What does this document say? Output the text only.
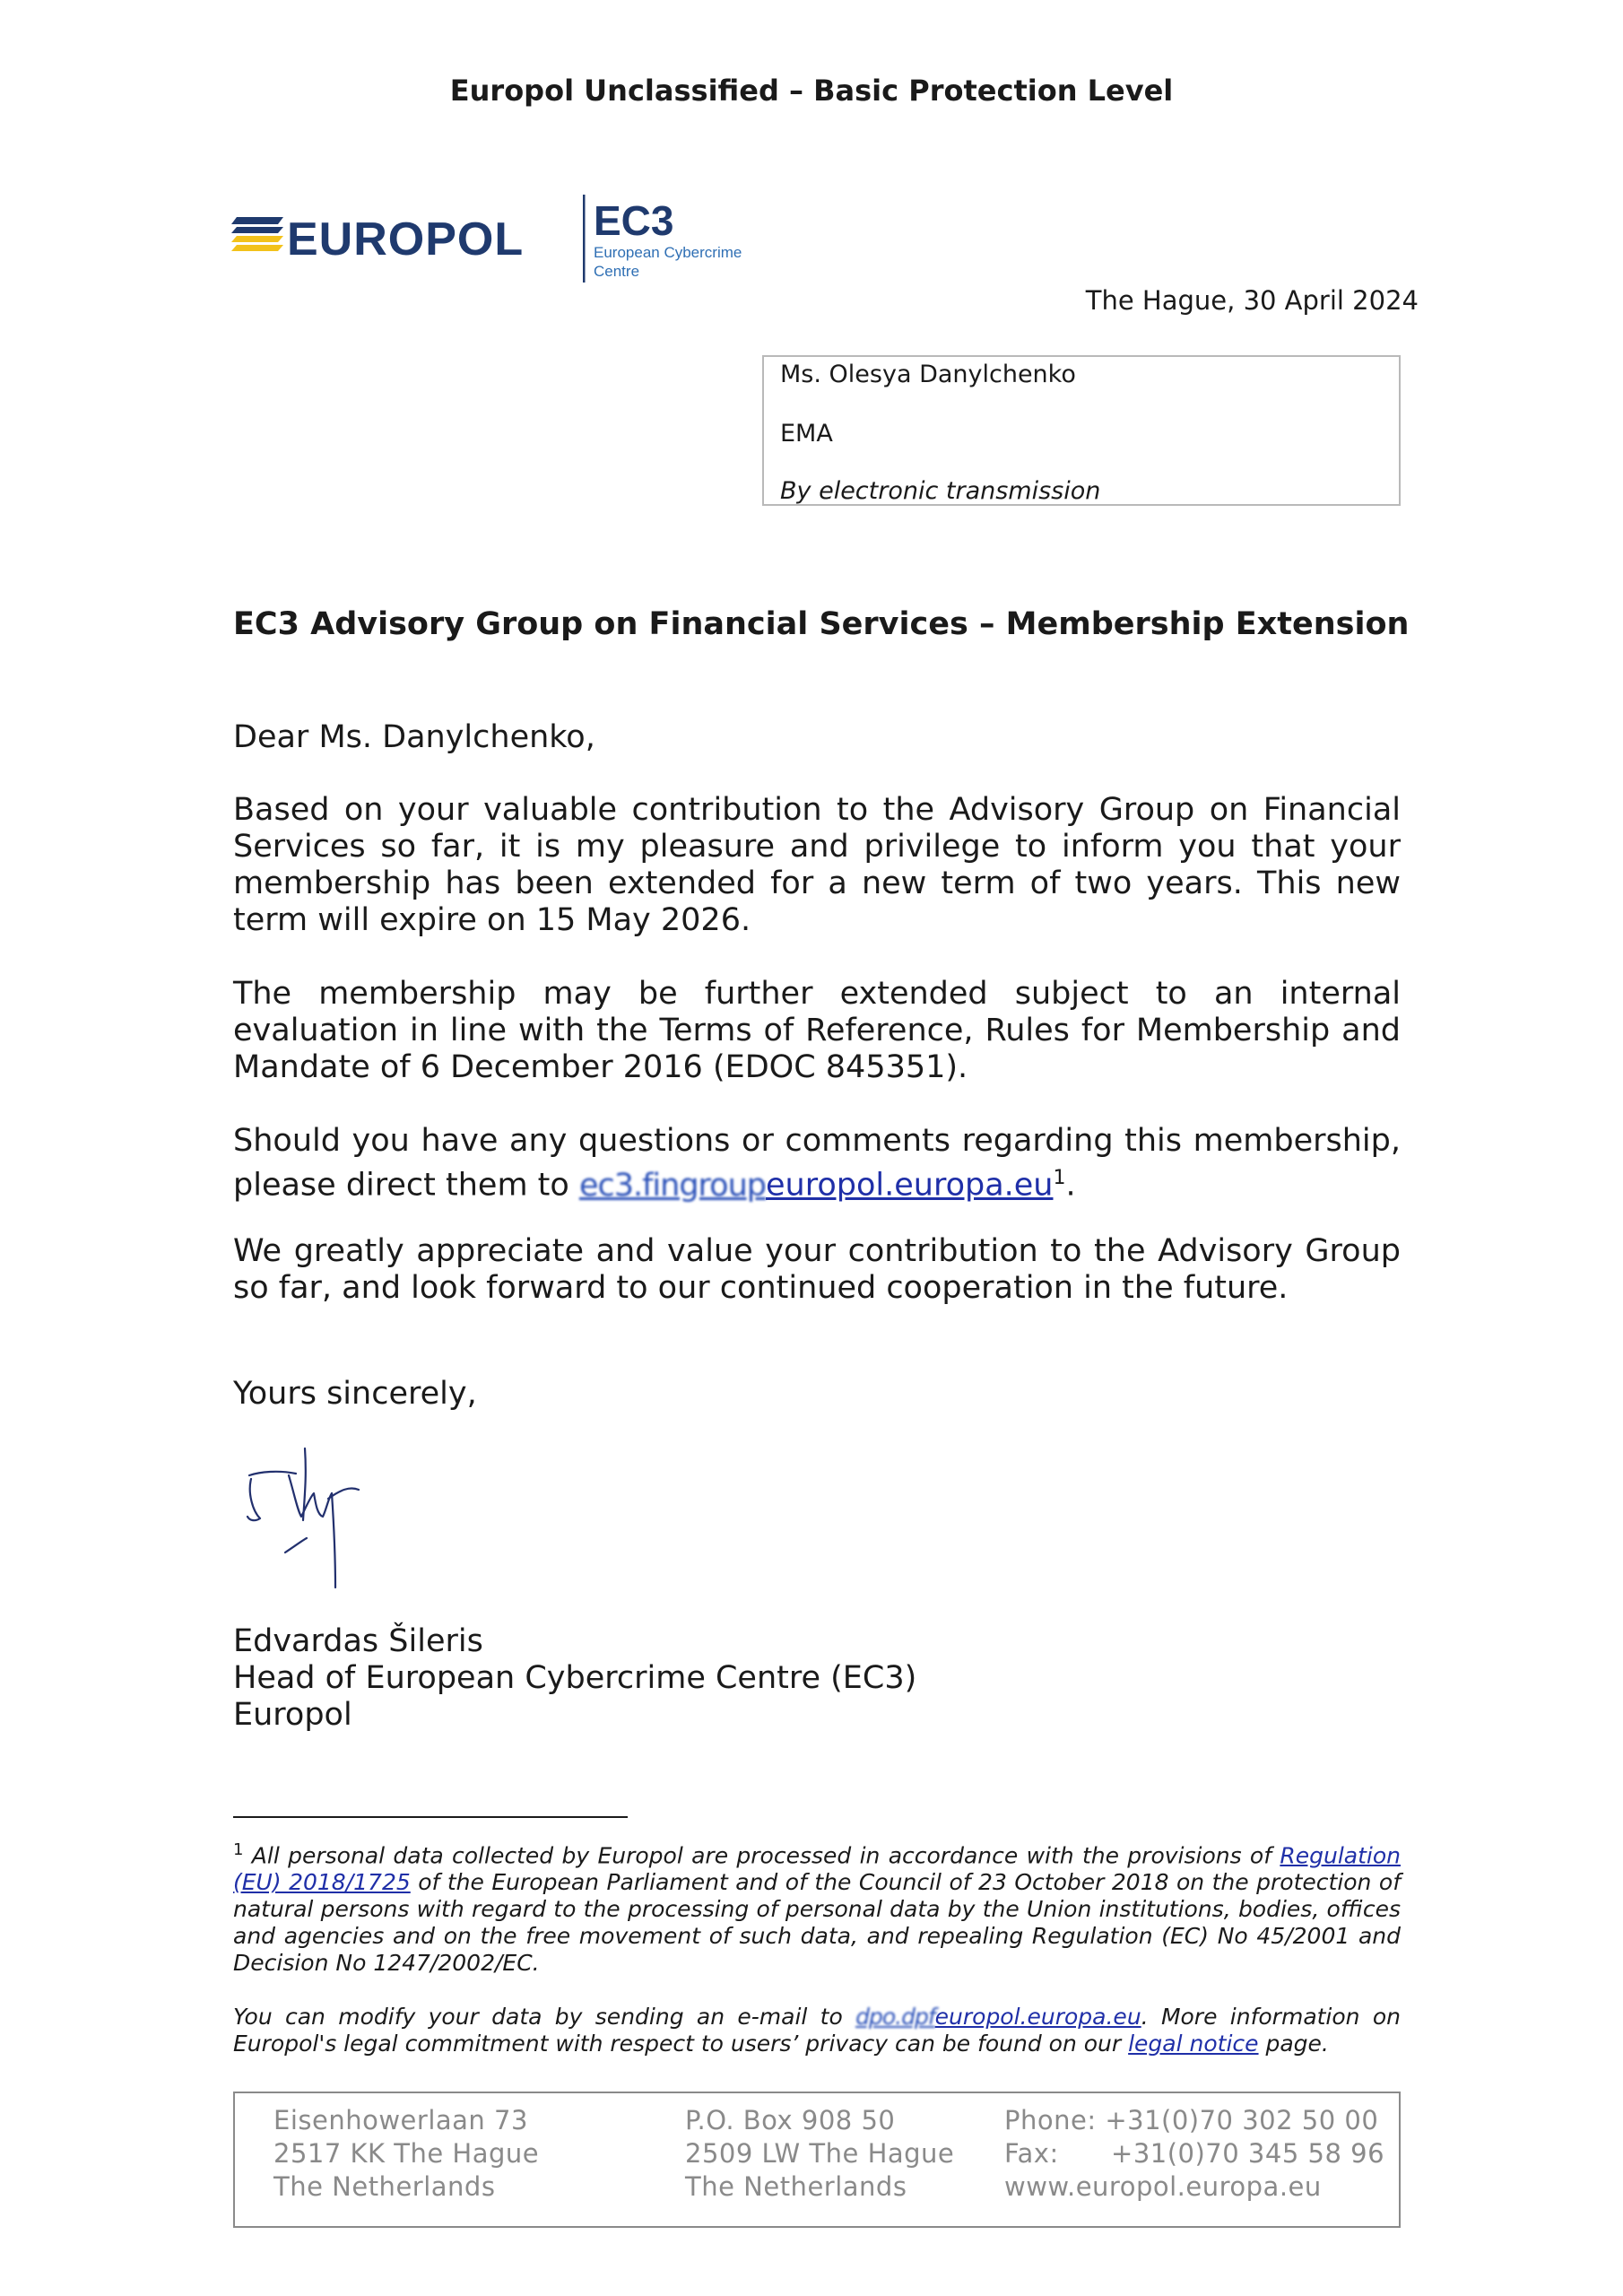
Europol Unclassified – Basic Protection Level
EUROPOL EC3
European Cybercrime
Centre
The Hague, 30 April 2024
Ms. Olesya Danylchenko
EMA
By electronic transmission
EC3 Advisory Group on Financial Services – Membership Extension
Dear Ms. Danylchenko,
Based on your valuable contribution to the Advisory Group on Financial Services so far, it is my pleasure and privilege to inform you that your membership has been extended for a new term of two years. This new term will expire on 15 May 2026.
The membership may be further extended subject to an internal evaluation in line with the Terms of Reference, Rules for Membership and Mandate of 6 December 2016 (EDOC 845351).
Should you have any questions or comments regarding this membership, please direct them to $ec3.fingroupeuropol.europa.eu^1$.
We greatly appreciate and value your contribution to the Advisory Group so far, and look forward to our continued cooperation in the future.
Yours sincerely,
Edvardas Šileris
Head of European Cybercrime Centre (EC3)
Europol
$^1$ All personal data collected by Europol are processed in accordance with the provisions of Regulation (EU) 2018/1725 of the European Parliament and of the Council of 23 October 2018 on the protection of natural persons with regard to the processing of personal data by the Union institutions, bodies, offices and agencies and on the free movement of such data, and repealing Regulation (EC) No 45/2001 and Decision No 1247/2002/EC.
You can modify your data by sending an e-mail to dpo.dpfeuropol.europa.eu. More information on Europol's legal commitment with respect to users’ privacy can be found on our legal notice page.
Eisenhowerlaan 73
2517 KK The Hague
The Netherlands
P.O. Box 908 50
2509 LW The Hague
The Netherlands
Phone: +31(0)70 302 50 00
Fax:      +31(0)70 345 58 96
www.europol.europa.eu
